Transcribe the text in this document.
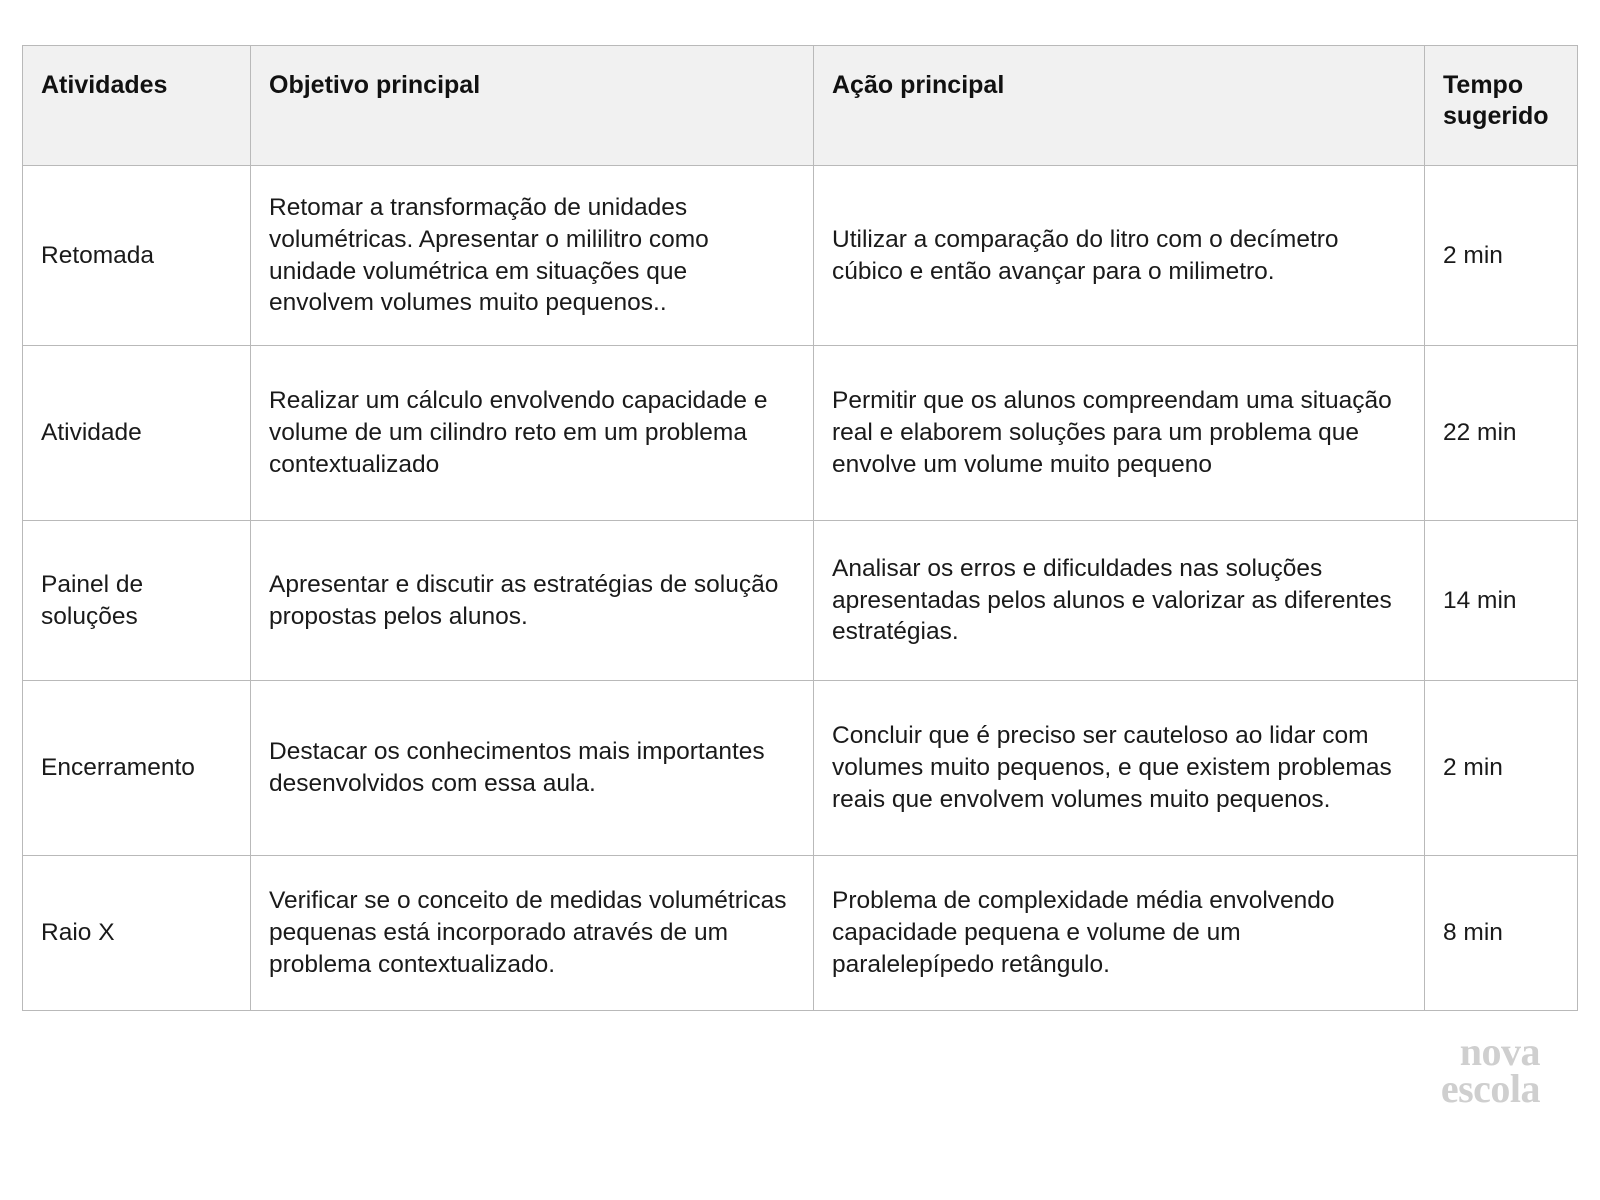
Atividades	Objetivo principal	Ação principal	Tempo sugerido
Retomada	Retomar a transformação de unidades volumétricas. Apresentar o mililitro como unidade volumétrica em situações que envolvem volumes muito pequenos..	Utilizar a comparação do litro com o decímetro cúbico e então avançar para o milimetro.	2 min
Atividade	Realizar um cálculo envolvendo capacidade e volume de um cilindro reto em um problema contextualizado	Permitir que os alunos compreendam uma situação real e elaborem soluções para um problema que envolve um volume muito pequeno	22 min
Painel de soluções	Apresentar e discutir as estratégias de solução propostas pelos alunos.	Analisar os erros e dificuldades nas soluções apresentadas pelos alunos e valorizar as diferentes estratégias.	14 min
Encerramento	Destacar os conhecimentos mais importantes desenvolvidos com essa aula.	Concluir que é preciso ser cauteloso ao lidar com volumes muito pequenos, e que existem problemas reais que envolvem volumes muito pequenos.	2 min
Raio X	Verificar se o conceito de medidas volumétricas pequenas está incorporado através de um problema contextualizado.	Problema de complexidade média envolvendo capacidade pequena e volume de um paralelepípedo retângulo.	8 min
nova
escola
